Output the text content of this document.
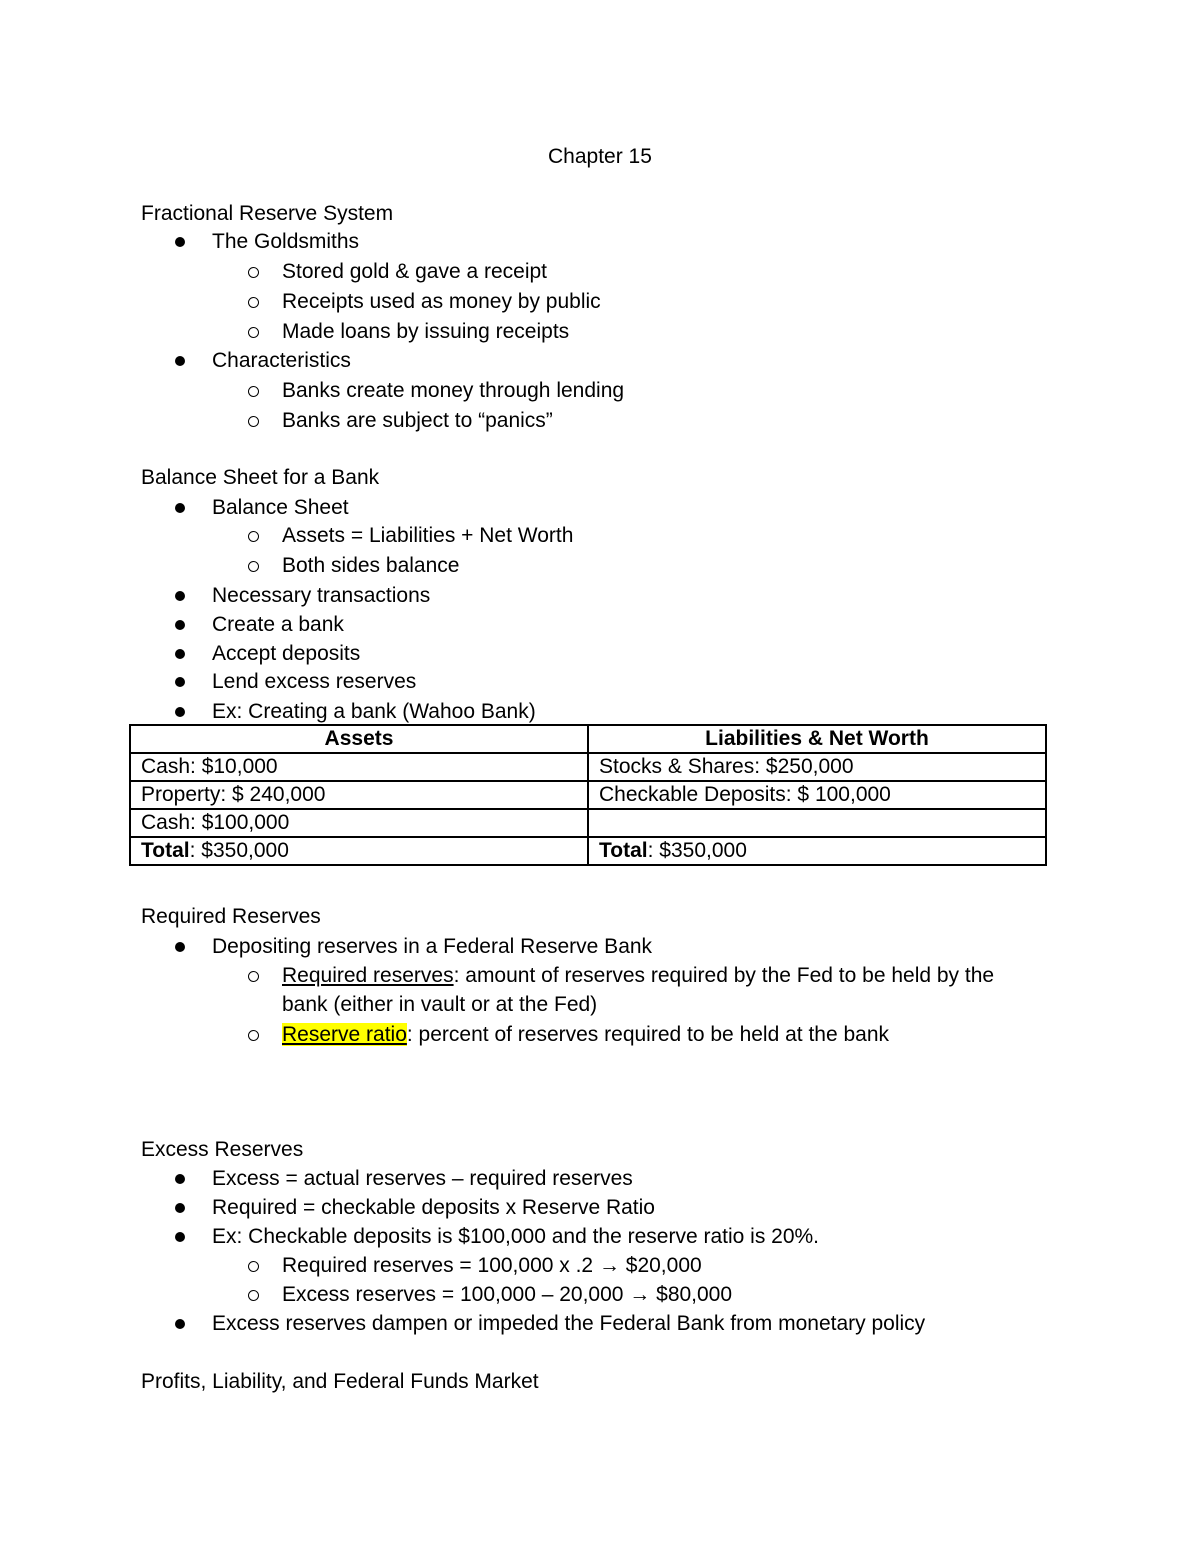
Chapter 15
Fractional Reserve System
The Goldsmiths
Stored gold & gave a receipt
Receipts used as money by public
Made loans by issuing receipts
Characteristics
Banks create money through lending
Banks are subject to “panics”
Balance Sheet for a Bank
Balance Sheet
Assets = Liabilities + Net Worth
Both sides balance
Necessary transactions
Create a bank
Accept deposits
Lend excess reserves
Ex: Creating a bank (Wahoo Bank)
Assets	Liabilities & Net Worth
Cash: $10,000	Stocks & Shares: $250,000
Property: $ 240,000	Checkable Deposits: $ 100,000
Cash: $100,000	
Total: $350,000	Total: $350,000
Required Reserves
Depositing reserves in a Federal Reserve Bank
Required reserves: amount of reserves required by the Fed to be held by the
bank (either in vault or at the Fed)
Reserve ratio: percent of reserves required to be held at the bank
Excess Reserves
Excess = actual reserves – required reserves
Required = checkable deposits x Reserve Ratio
Ex: Checkable deposits is $100,000 and the reserve ratio is 20%.
Required reserves = 100,000 x .2 → $20,000
Excess reserves = 100,000 – 20,000 → $80,000
Excess reserves dampen or impeded the Federal Bank from monetary policy
Profits, Liability, and Federal Funds Market
